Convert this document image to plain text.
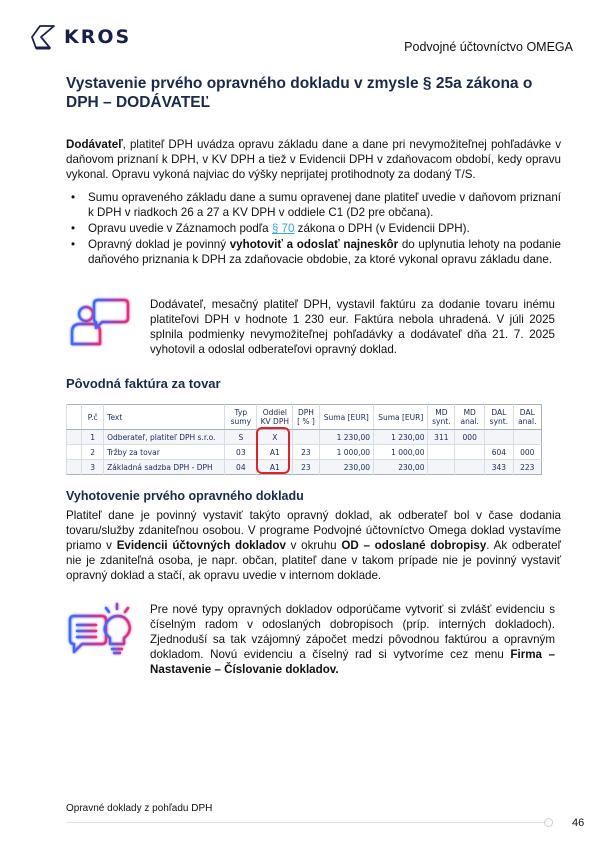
KROS	Podvojné účtovníctvo OMEGA
Vystavenie prvého opravného dokladu v zmysle § 25a zákona o DPH – DODÁVATEĽ
Dodávateľ, platiteľ DPH uvádza opravu základu dane a dane pri nevymožiteľnej pohľadávke v daňovom priznaní k DPH, v KV DPH a tiež v Evidencii DPH v zdaňovacom období, kedy opravu vykonal. Opravu vykoná najviac do výšky neprijatej protihodnoty za dodaný T/S.
• Sumu opraveného základu dane a sumu opravenej dane platiteľ uvedie v daňovom priznaní k DPH v riadkoch 26 a 27 a KV DPH v oddiele C1 (D2 pre občana).
• Opravu uvedie v Záznamoch podľa § 70 zákona o DPH (v Evidencii DPH).
• Opravný doklad je povinný vyhotoviť a odoslať najneskôr do uplynutia lehoty na podanie daňového priznania k DPH za zdaňovacie obdobie, za ktoré vykonal opravu základu dane.
Dodávateľ, mesačný platiteľ DPH, vystavil faktúru za dodanie tovaru inému platiteľovi DPH v hodnote 1 230 eur. Faktúra nebola uhradená. V júli 2025 splnila podmienky nevymožiteľnej pohľadávky a dodávateľ dňa 21. 7. 2025 vyhotovil a odoslal odberateľovi opravný doklad.
Pôvodná faktúra za tovar
	P.č	Text	Typ sumy	Oddiel KV DPH	DPH [ % ]	Suma [EUR]	Suma [EUR]	MD synt.	MD anal.	DAL synt.	DAL anal.
	1	Odberateľ, platiteľ DPH s.r.o.	S	X		1 230,00	1 230,00	311	000		
	2	Tržby za tovar	03	A1	23	1 000,00	1 000,00			604	000
	3	Základná sadzba DPH - DPH	04	A1	23	230,00	230,00			343	223
Vyhotovenie prvého opravného dokladu
Platiteľ dane je povinný vystaviť takýto opravný doklad, ak odberateľ bol v čase dodania tovaru/služby zdaniteľnou osobou. V programe Podvojné účtovníctvo Omega doklad vystavíme priamo v Evidencii účtovných dokladov v okruhu OD – odoslané dobropisy. Ak odberateľ nie je zdaniteľná osoba, je napr. občan, platiteľ dane v takom prípade nie je povinný vystaviť opravný doklad a stačí, ak opravu uvedie v internom doklade.
Pre nové typy opravných dokladov odporúčame vytvoriť si zvlášť evidenciu s číselným radom v odoslaných dobropisoch (príp. interných dokladoch). Zjednoduší sa tak vzájomný zápočet medzi pôvodnou faktúrou a opravným dokladom. Novú evidenciu a číselný rad si vytvoríme cez menu Firma – Nastavenie – Číslovanie dokladov.
Opravné doklady z pohľadu DPH
46
